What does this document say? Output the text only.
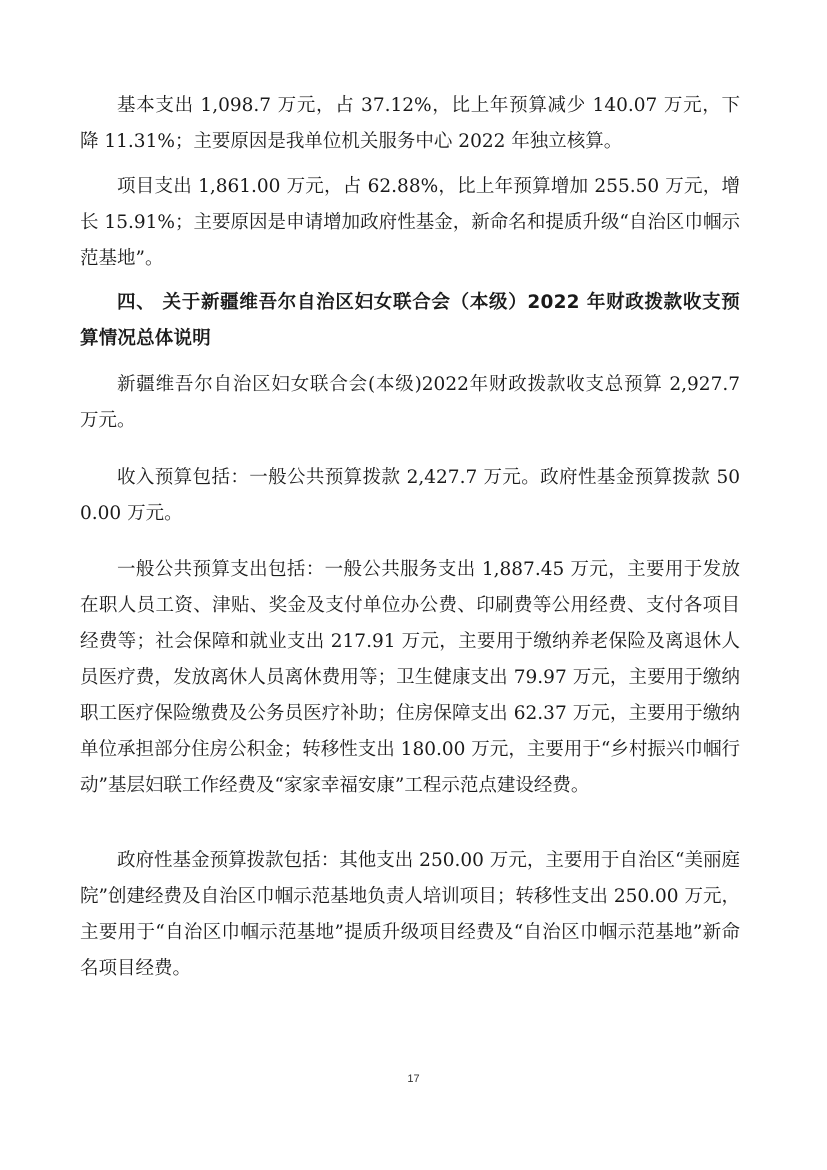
基本支出 1,098.7 万元，占 37.12%，比上年预算减少 140.07 万元，下降 11.31%；主要原因是我单位机关服务中心 2022 年独立核算。

项目支出 1,861.00 万元，占 62.88%，比上年预算增加 255.50 万元，增长 15.91%；主要原因是申请增加政府性基金，新命名和提质升级“自治区巾帼示范基地”。

四、 关于新疆维吾尔自治区妇女联合会（本级）2022 年财政拨款收支预算情况总体说明

新疆维吾尔自治区妇女联合会(本级)2022年财政拨款收支总预算 2,927.7 万元。

收入预算包括：一般公共预算拨款 2,427.7 万元。政府性基金预算拨款 500.00 万元。

一般公共预算支出包括：一般公共服务支出 1,887.45 万元，主要用于发放在职人员工资、津贴、奖金及支付单位办公费、印刷费等公用经费、支付各项目经费等；社会保障和就业支出 217.91 万元，主要用于缴纳养老保险及离退休人员医疗费，发放离休人员离休费用等；卫生健康支出 79.97 万元，主要用于缴纳职工医疗保险缴费及公务员医疗补助；住房保障支出 62.37 万元，主要用于缴纳单位承担部分住房公积金；转移性支出 180.00 万元，主要用于“乡村振兴巾帼行动”基层妇联工作经费及“家家幸福安康”工程示范点建设经费。

政府性基金预算拨款包括：其他支出 250.00 万元，主要用于自治区“美丽庭院”创建经费及自治区巾帼示范基地负责人培训项目；转移性支出 250.00 万元，主要用于“自治区巾帼示范基地”提质升级项目经费及“自治区巾帼示范基地”新命名项目经费。

17
